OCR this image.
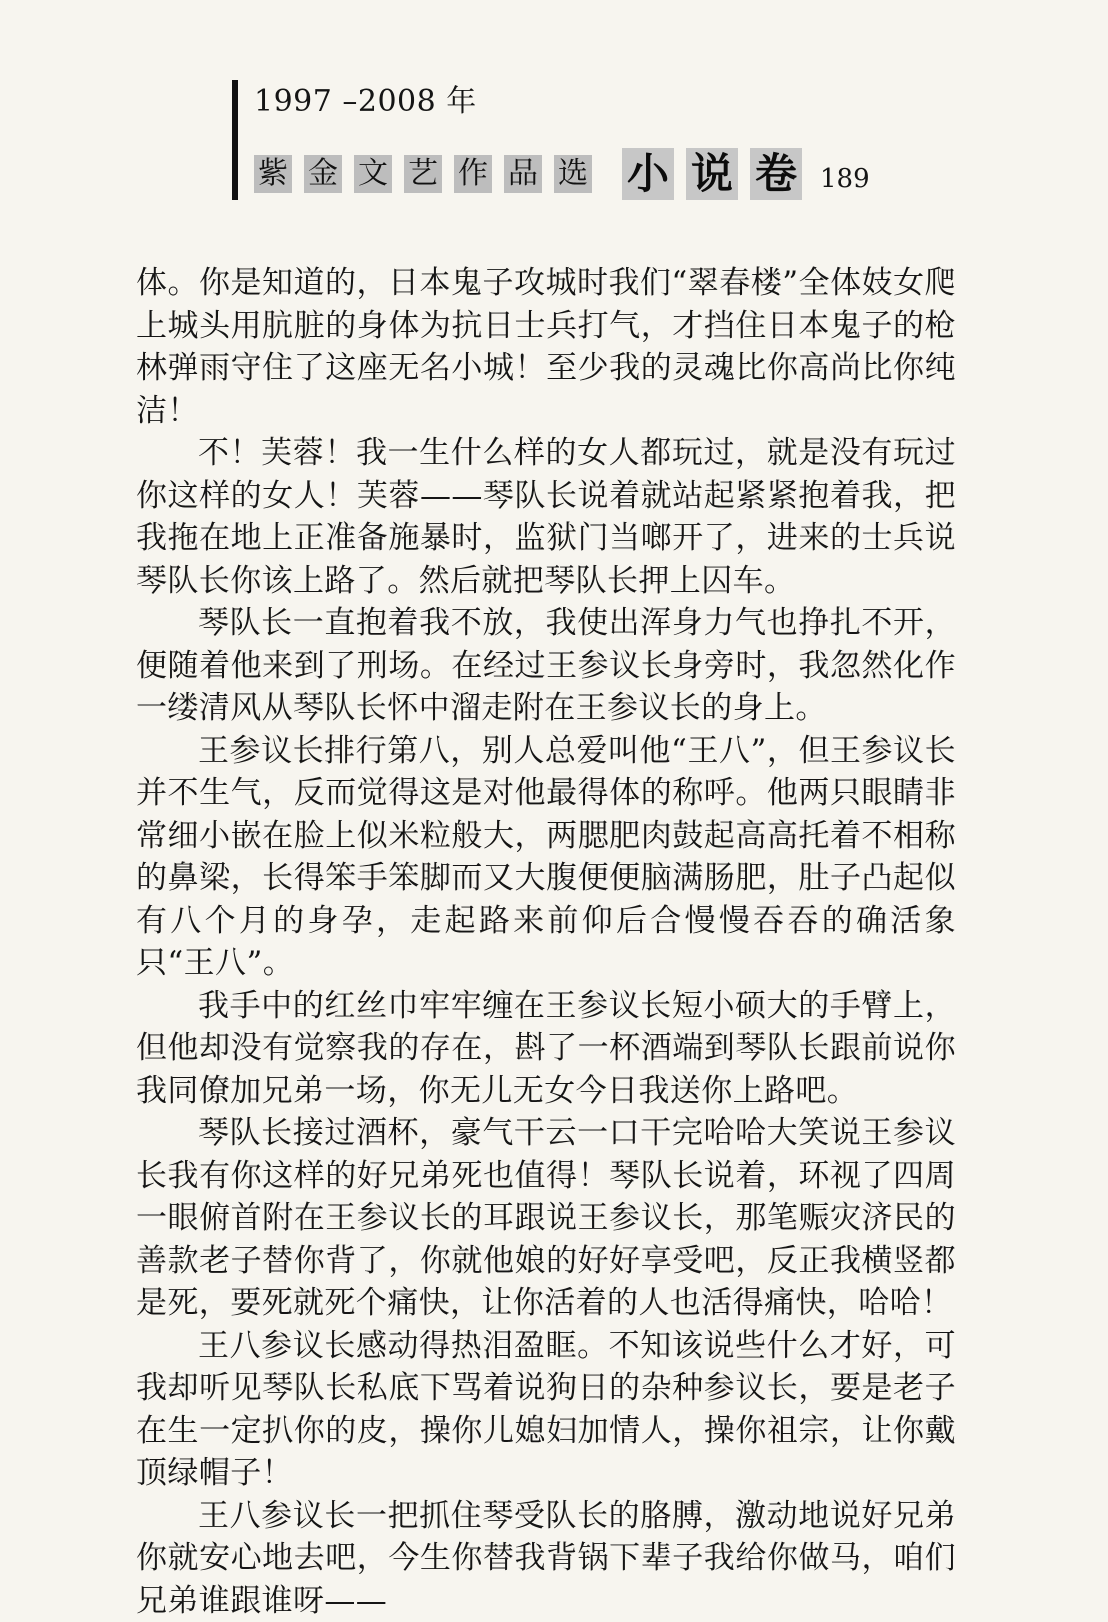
1997 –2008 年
紫 金 文 艺 作 品 选 小 说 卷 189

体。你是知道的，日本鬼子攻城时我们“翠春楼”全体妓女爬上城头用肮脏的身体为抗日士兵打气，才挡住日本鬼子的枪林弹雨守住了这座无名小城！至少我的灵魂比你高尚比你纯洁！

不！芙蓉！我一生什么样的女人都玩过，就是没有玩过你这样的女人！芙蓉——琴队长说着就站起紧紧抱着我，把我拖在地上正准备施暴时，监狱门当啷开了，进来的士兵说琴队长你该上路了。然后就把琴队长押上囚车。

琴队长一直抱着我不放，我使出浑身力气也挣扎不开，便随着他来到了刑场。在经过王参议长身旁时，我忽然化作一缕清风从琴队长怀中溜走附在王参议长的身上。

王参议长排行第八，别人总爱叫他“王八”，但王参议长并不生气，反而觉得这是对他最得体的称呼。他两只眼睛非常细小嵌在脸上似米粒般大，两腮肥肉鼓起高高托着不相称的鼻梁，长得笨手笨脚而又大腹便便脑满肠肥，肚子凸起似有八个月的身孕，走起路来前仰后合慢慢吞吞的确活象只“王八”。

我手中的红丝巾牢牢缠在王参议长短小硕大的手臂上，但他却没有觉察我的存在，斟了一杯酒端到琴队长跟前说你我同僚加兄弟一场，你无儿无女今日我送你上路吧。

琴队长接过酒杯，豪气干云一口干完哈哈大笑说王参议长我有你这样的好兄弟死也值得！琴队长说着，环视了四周一眼俯首附在王参议长的耳跟说王参议长，那笔赈灾济民的善款老子替你背了，你就他娘的好好享受吧，反正我横竖都是死，要死就死个痛快，让你活着的人也活得痛快，哈哈！

王八参议长感动得热泪盈眶。不知该说些什么才好，可我却听见琴队长私底下骂着说狗日的杂种参议长，要是老子在生一定扒你的皮，操你儿媳妇加情人，操你祖宗，让你戴顶绿帽子！

王八参议长一把抓住琴受队长的胳膊，激动地说好兄弟你就安心地去吧，今生你替我背锅下辈子我给你做马，咱们兄弟谁跟谁呀——
